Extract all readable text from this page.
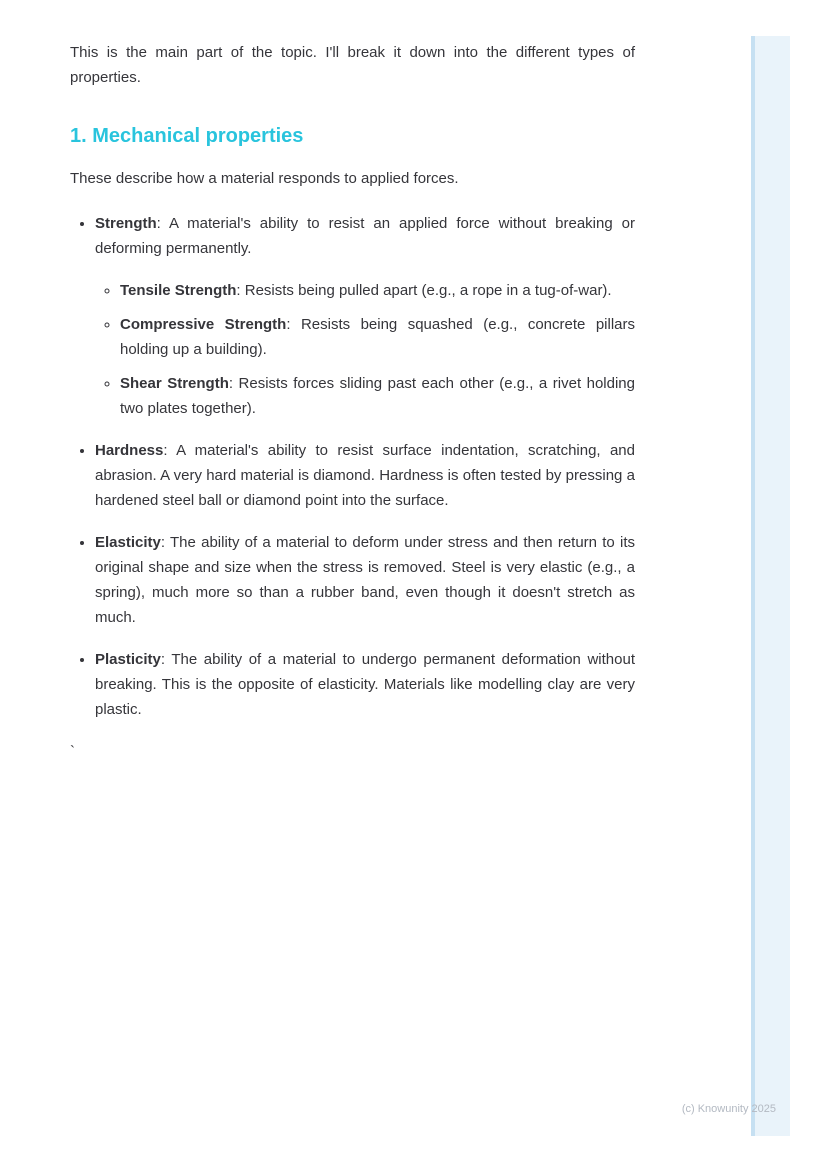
This is the main part of the topic. I'll break it down into the different types of properties.

1. Mechanical properties

These describe how a material responds to applied forces.

• Strength: A material's ability to resist an applied force without breaking or deforming permanently.
◦ Tensile Strength: Resists being pulled apart (e.g., a rope in a tug-of-war).
◦ Compressive Strength: Resists being squashed (e.g., concrete pillars holding up a building).
◦ Shear Strength: Resists forces sliding past each other (e.g., a rivet holding two plates together).
• Hardness: A material's ability to resist surface indentation, scratching, and abrasion. A very hard material is diamond. Hardness is often tested by pressing a hardened steel ball or diamond point into the surface.
• Elasticity: The ability of a material to deform under stress and then return to its original shape and size when the stress is removed. Steel is very elastic (e.g., a spring), much more so than a rubber band, even though it doesn't stretch as much.
• Plasticity: The ability of a material to undergo permanent deformation without breaking. This is the opposite of elasticity. Materials like modelling clay are very plastic.

`

(c) Knowunity 2025
